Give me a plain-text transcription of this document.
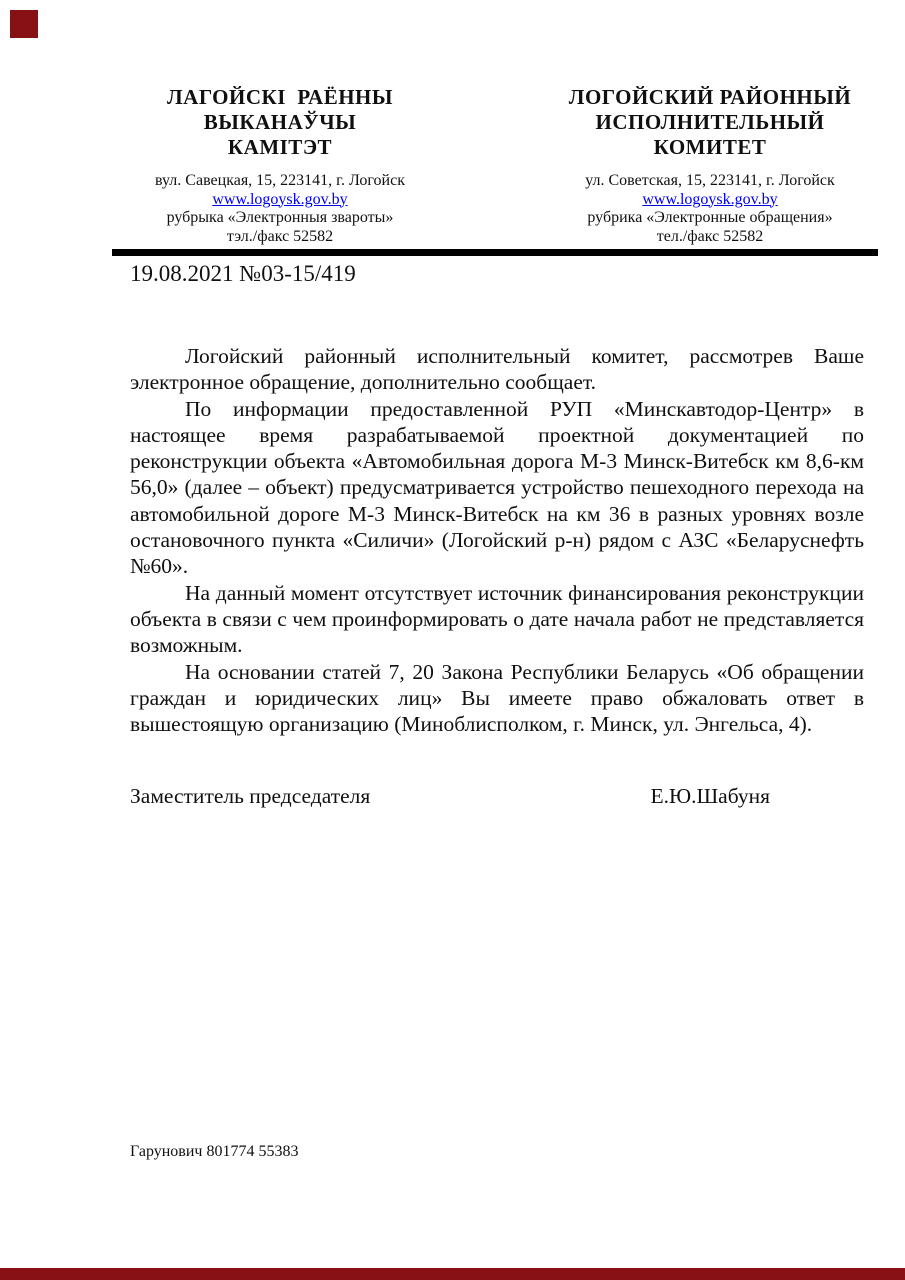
ЛАГОЙСКІ  РАЁННЫ
ВЫКАНАЎЧЫ
КАМІТЭТ
вул. Савецкая, 15, 223141, г. Логойск
www.logoysk.gov.by
рубрыка «Электронныя звароты»
тэл./факс 52582
ЛОГОЙСКИЙ РАЙОННЫЙ
ИСПОЛНИТЕЛЬНЫЙ
КОМИТЕТ
ул. Советская, 15, 223141, г. Логойск
www.logoysk.gov.by
рубрика «Электронные обращения»
тел./факс 52582
19.08.2021 №03-15/419

Логойский районный исполнительный комитет, рассмотрев Ваше электронное обращение, дополнительно сообщает.

По информации предоставленной РУП «Минскавтодор-Центр» в настоящее время разрабатываемой проектной документацией по реконструкции объекта «Автомобильная дорога М-3 Минск-Витебск км 8,6-км 56,0» (далее – объект) предусматривается устройство пешеходного перехода на автомобильной дороге М-3 Минск-Витебск на км 36 в разных уровнях возле остановочного пункта «Силичи» (Логойский р-н) рядом с АЗС «Беларуснефть №60».

На данный момент отсутствует источник финансирования реконструкции объекта в связи с чем проинформировать о дате начала работ не представляется возможным.

На основании статей 7, 20 Закона Республики Беларусь «Об обращении граждан и юридических лиц» Вы имеете право обжаловать ответ в вышестоящую организацию (Миноблисполком, г. Минск, ул. Энгельса, 4).

Заместитель председателя	Е.Ю.Шабуня
Гарунович 801774 55383
